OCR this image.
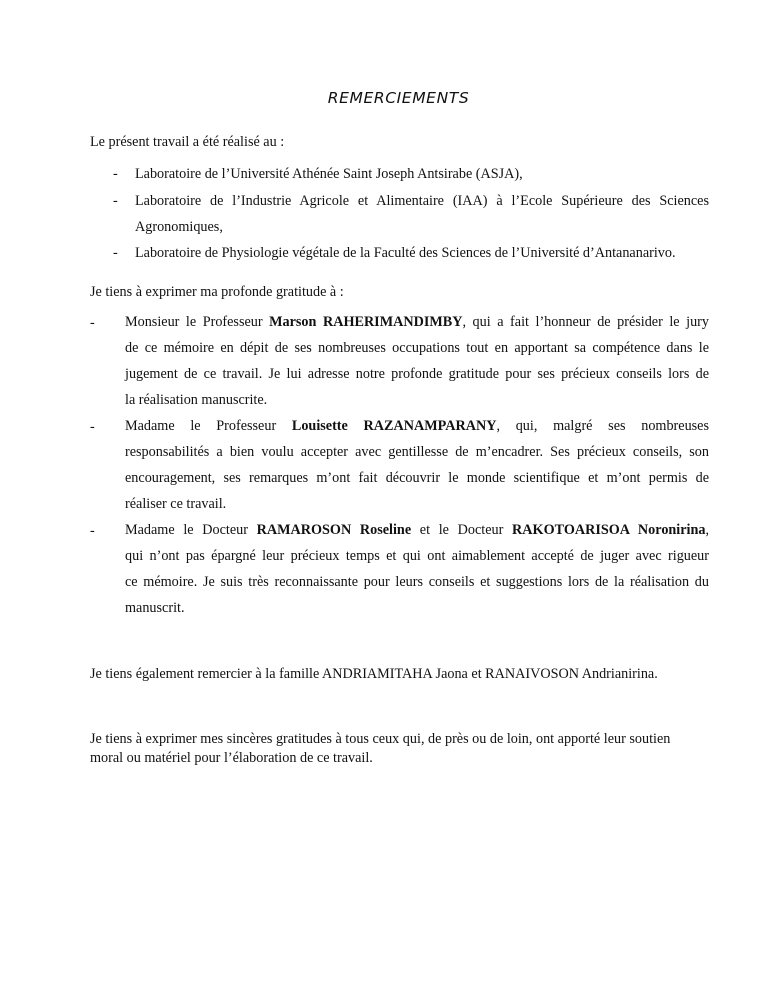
REMERCIEMENTS
Le présent travail a été réalisé au :
- Laboratoire de l’Université Athénée Saint Joseph Antsirabe (ASJA),
- Laboratoire de l’Industrie Agricole et Alimentaire (IAA) à l’Ecole Supérieure des Sciences
Agronomiques,
- Laboratoire de Physiologie végétale de la Faculté des Sciences de l’Université d’Antananarivo.
Je tiens à exprimer ma profonde gratitude à :
- Monsieur le Professeur Marson RAHERIMANDIMBY, qui a fait l’honneur de présider le jury
de ce mémoire en dépit de ses nombreuses occupations tout en apportant sa compétence dans le
jugement de ce travail. Je lui adresse notre profonde gratitude pour ses précieux conseils lors de
la réalisation manuscrite.
- Madame le Professeur Louisette RAZANAMPARANY, qui, malgré ses nombreuses
responsabilités a bien voulu accepter avec gentillesse de m’encadrer. Ses précieux conseils, son
encouragement, ses remarques m’ont fait découvrir le monde scientifique et m’ont permis de
réaliser ce travail.
- Madame le Docteur RAMAROSON Roseline et le Docteur RAKOTOARISOA Noronirina,
qui n’ont pas épargné leur précieux temps et qui ont aimablement accepté de juger avec rigueur
ce mémoire. Je suis très reconnaissante pour leurs conseils et suggestions lors de la réalisation du
manuscrit.
Je tiens également remercier à la famille ANDRIAMITAHA Jaona et RANAIVOSON Andrianirina.
Je tiens à exprimer mes sincères gratitudes à tous ceux qui, de près ou de loin, ont apporté leur soutien
moral ou matériel pour l’élaboration de ce travail.
